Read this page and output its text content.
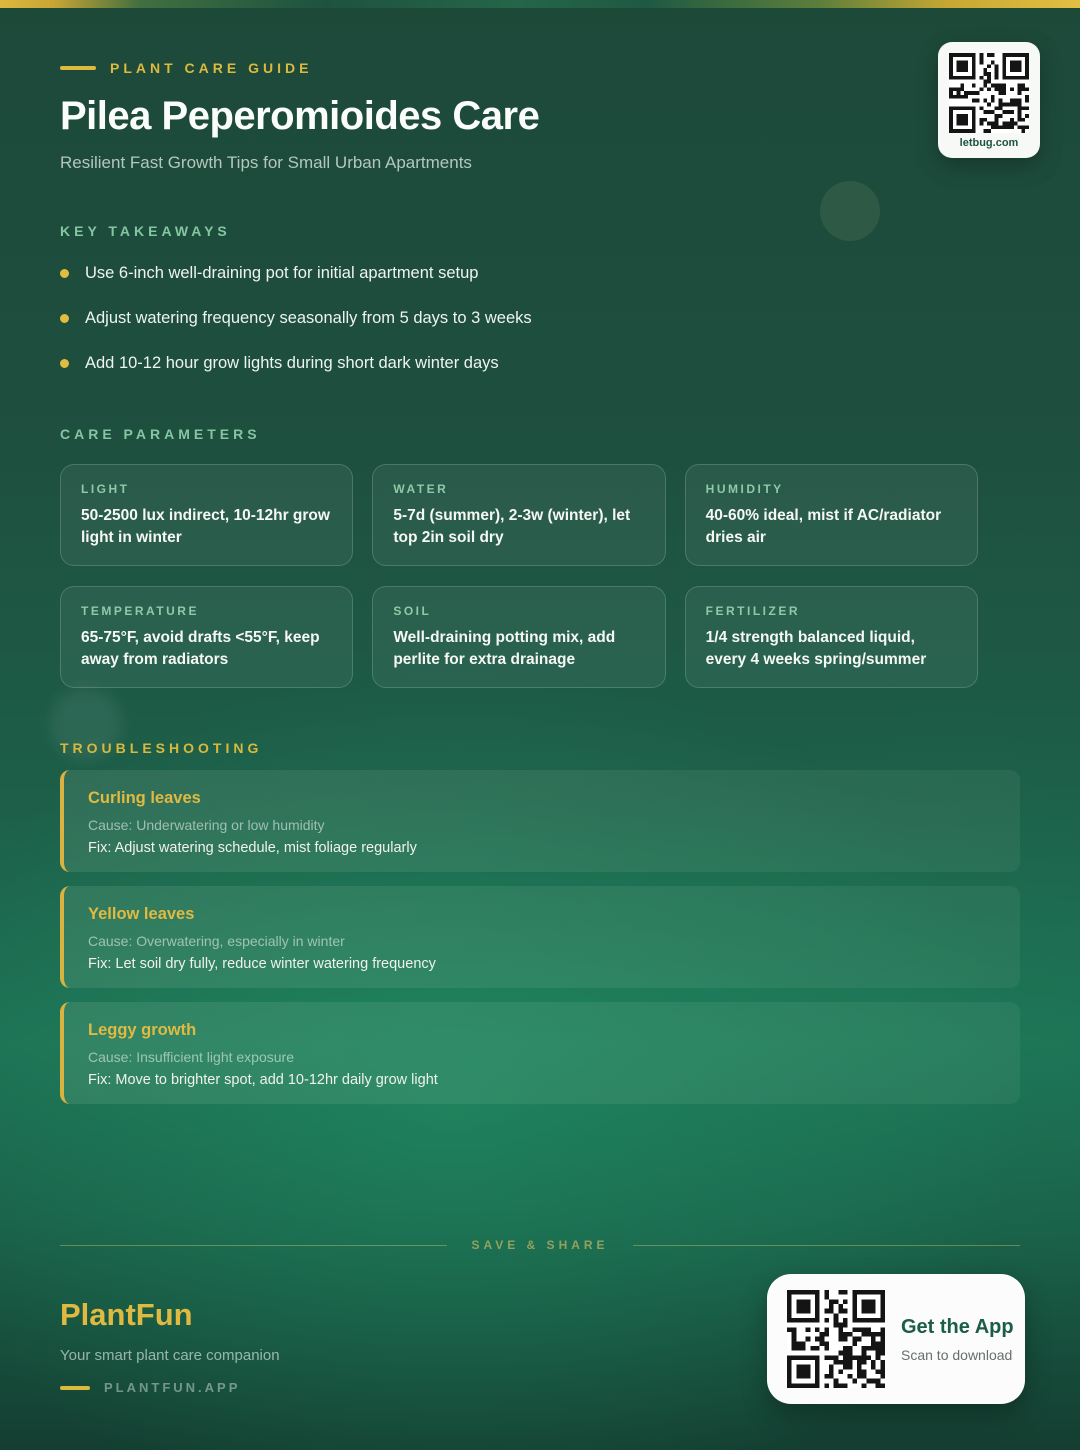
PLANT CARE GUIDE
Pilea Peperomioides Care
Resilient Fast Growth Tips for Small Urban Apartments
KEY TAKEAWAYS
Use 6-inch well-draining pot for initial apartment setup
Adjust watering frequency seasonally from 5 days to 3 weeks
Add 10-12 hour grow lights during short dark winter days
CARE PARAMETERS
LIGHT
50-2500 lux indirect, 10-12hr grow light in winter
WATER
5-7d (summer), 2-3w (winter), let top 2in soil dry
HUMIDITY
40-60% ideal, mist if AC/radiator dries air
TEMPERATURE
65-75°F, avoid drafts <55°F, keep away from radiators
SOIL
Well-draining potting mix, add perlite for extra drainage
FERTILIZER
1/4 strength balanced liquid, every 4 weeks spring/summer
TROUBLESHOOTING
Curling leaves
Cause: Underwatering or low humidity
Fix: Adjust watering schedule, mist foliage regularly
Yellow leaves
Cause: Overwatering, especially in winter
Fix: Let soil dry fully, reduce winter watering frequency
Leggy growth
Cause: Insufficient light exposure
Fix: Move to brighter spot, add 10-12hr daily grow light
letbug.com
SAVE & SHARE
PlantFun
Your smart plant care companion
PLANTFUN.APP
Get the App
Scan to download
